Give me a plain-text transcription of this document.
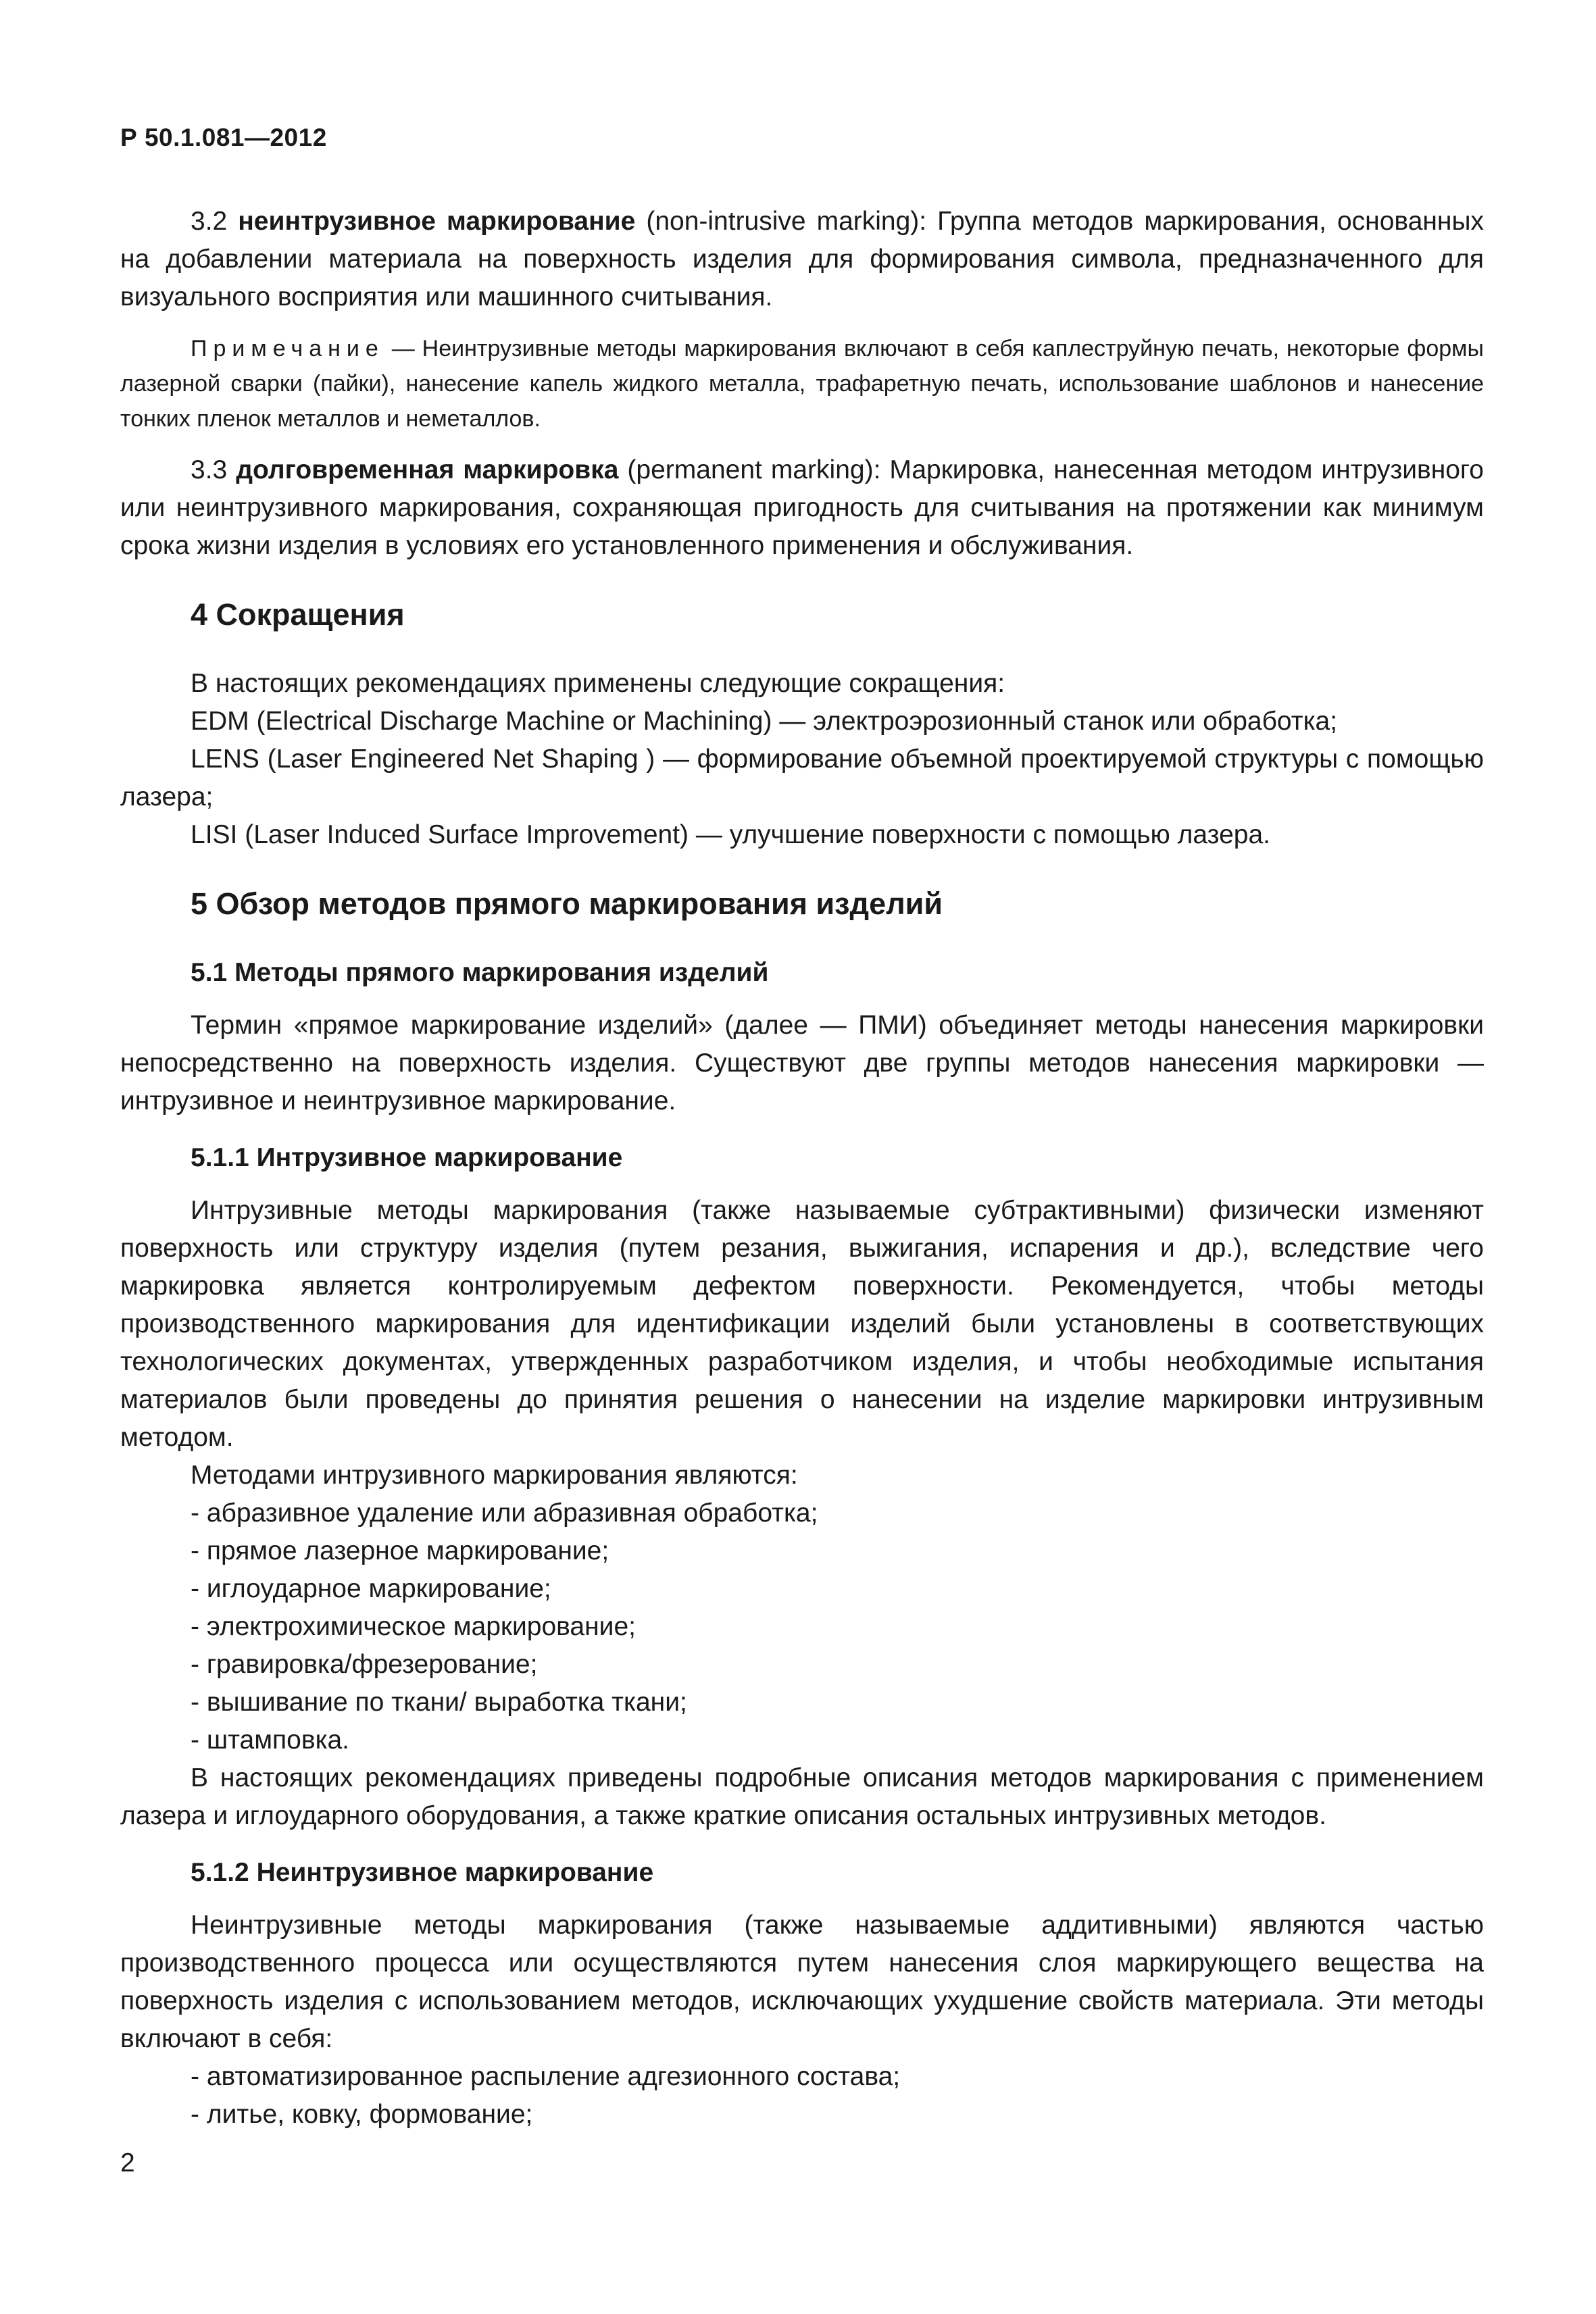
Р 50.1.081—2012

3.2 неинтрузивное маркирование (non-intrusive marking): Группа методов маркирования, основанных на добавлении материала на поверхность изделия для формирования символа, предназначенного для визуального восприятия или машинного считывания.

Примечание — Неинтрузивные методы маркирования включают в себя каплеструйную печать, некоторые формы лазерной сварки (пайки), нанесение капель жидкого металла, трафаретную печать, использование шаблонов и нанесение тонких пленок металлов и неметаллов.

3.3 долговременная маркировка (permanent marking): Маркировка, нанесенная методом интрузивного или неинтрузивного маркирования, сохраняющая пригодность для считывания на протяжении как минимум срока жизни изделия в условиях его установленного применения и обслуживания.

4 Сокращения

В настоящих рекомендациях применены следующие сокращения:

EDM (Electrical Discharge Machine or Machining) — электроэрозионный станок или обработка;

LENS (Laser Engineered Net Shaping ) — формирование объемной проектируемой структуры с помощью лазера;

LISI (Laser Induced Surface Improvement) — улучшение поверхности с помощью лазера.

5 Обзор методов прямого маркирования изделий
5.1 Методы прямого маркирования изделий

Термин «прямое маркирование изделий» (далее — ПМИ) объединяет методы нанесения маркировки непосредственно на поверхность изделия. Существуют две группы методов нанесения маркировки — интрузивное и неинтрузивное маркирование.

5.1.1 Интрузивное маркирование

Интрузивные методы маркирования (также называемые субтрактивными) физически изменяют поверхность или структуру изделия (путем резания, выжигания, испарения и др.), вследствие чего маркировка является контролируемым дефектом поверхности. Рекомендуется, чтобы методы производственного маркирования для идентификации изделий были установлены в соответствующих технологических документах, утвержденных разработчиком изделия, и чтобы необходимые испытания материалов были проведены до принятия решения о нанесении на изделие маркировки интрузивным методом.

Методами интрузивного маркирования являются:

- абразивное удаление или абразивная обработка;
- прямое лазерное маркирование;
- иглоударное маркирование;
- электрохимическое маркирование;
- гравировка/фрезерование;
- вышивание по ткани/ выработка ткани;
- штамповка.

В настоящих рекомендациях приведены подробные описания методов маркирования с применением лазера и иглоударного оборудования, а также краткие описания остальных интрузивных методов.

5.1.2 Неинтрузивное маркирование

Неинтрузивные методы маркирования (также называемые аддитивными) являются частью производственного процесса или осуществляются путем нанесения слоя маркирующего вещества на поверхность изделия с использованием методов, исключающих ухудшение свойств материала. Эти методы включают в себя:

- автоматизированное распыление адгезионного состава;
- литье, ковку, формование;
2
